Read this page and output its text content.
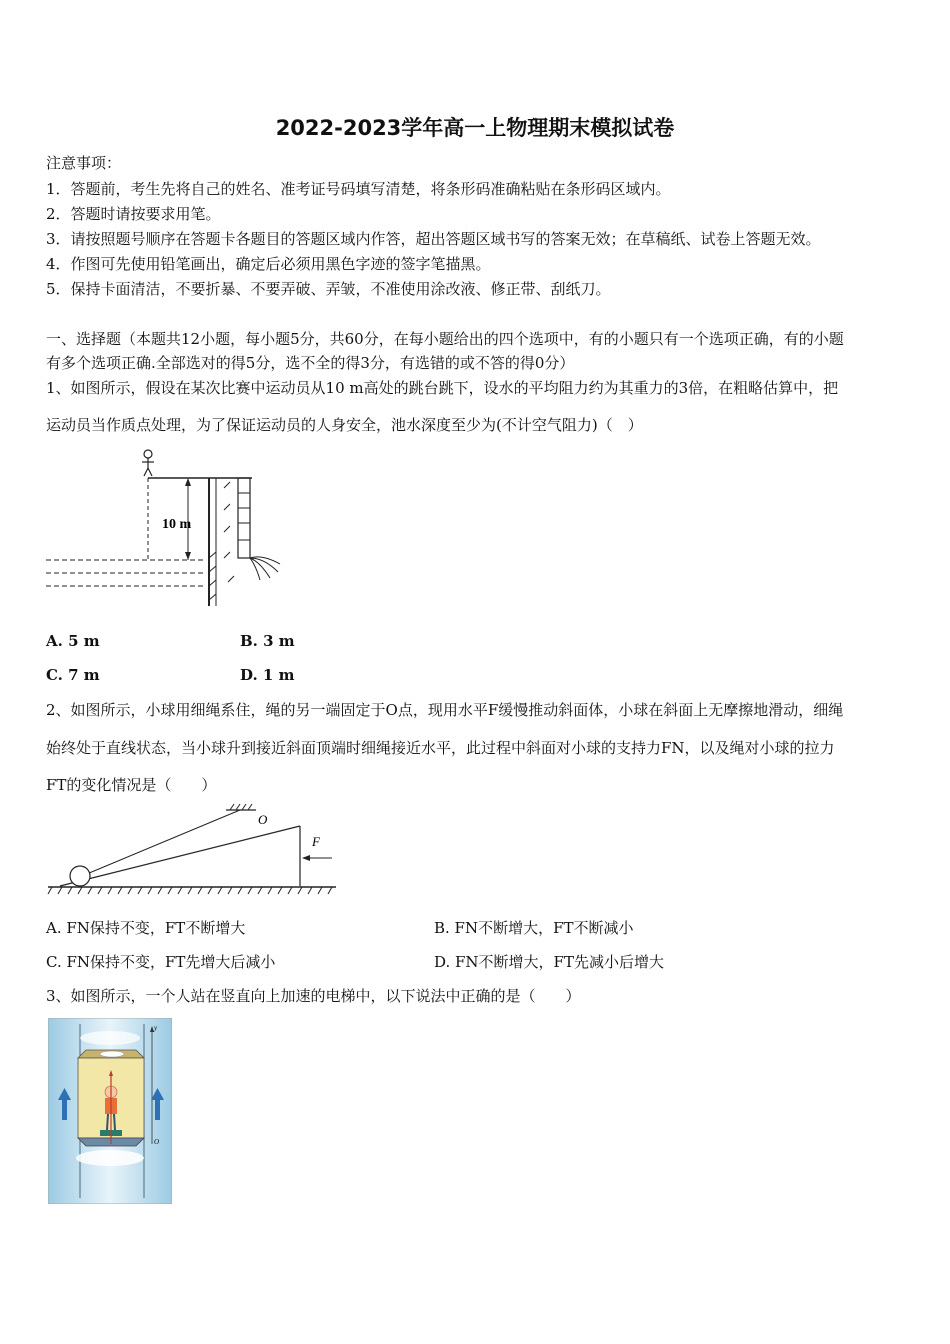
2022-2023学年高一上物理期末模拟试卷
注意事项：
1．答题前，考生先将自己的姓名、准考证号码填写清楚，将条形码准确粘贴在条形码区域内。
2．答题时请按要求用笔。
3．请按照题号顺序在答题卡各题目的答题区域内作答，超出答题区域书写的答案无效；在草稿纸、试卷上答题无效。
4．作图可先使用铅笔画出，确定后必须用黑色字迹的签字笔描黑。
5．保持卡面清洁，不要折暴、不要弄破、弄皱，不准使用涂改液、修正带、刮纸刀。
一、选择题（本题共12小题，每小题5分，共60分，在每小题给出的四个选项中，有的小题只有一个选项正确，有的小题
有多个选项正确.全部选对的得5分，选不全的得3分，有选错的或不答的得0分）
1、如图所示，假设在某次比赛中运动员从10 m高处的跳台跳下，设水的平均阻力约为其重力的3倍，在粗略估算中，把
运动员当作质点处理，为了保证运动员的人身安全，池水深度至少为(不计空气阻力)（　）
10 m
A. 5 m	B. 3 m
C. 7 m	D. 1 m
2、如图所示，小球用细绳系住，绳的另一端固定于O点，现用水平F缓慢推动斜面体，小球在斜面上无摩擦地滑动，细绳
始终处于直线状态，当小球升到接近斜面顶端时细绳接近水平，此过程中斜面对小球的支持力FN，以及绳对小球的拉力
FT的变化情况是（　　）
O
F
A. FN保持不变，FT不断增大	B. FN不断增大，FT不断减小
C. FN保持不变，FT先增大后减小	D. FN不断增大，FT先减小后增大
3、如图所示，一个人站在竖直向上加速的电梯中，以下说法中正确的是（　　）
y
O
